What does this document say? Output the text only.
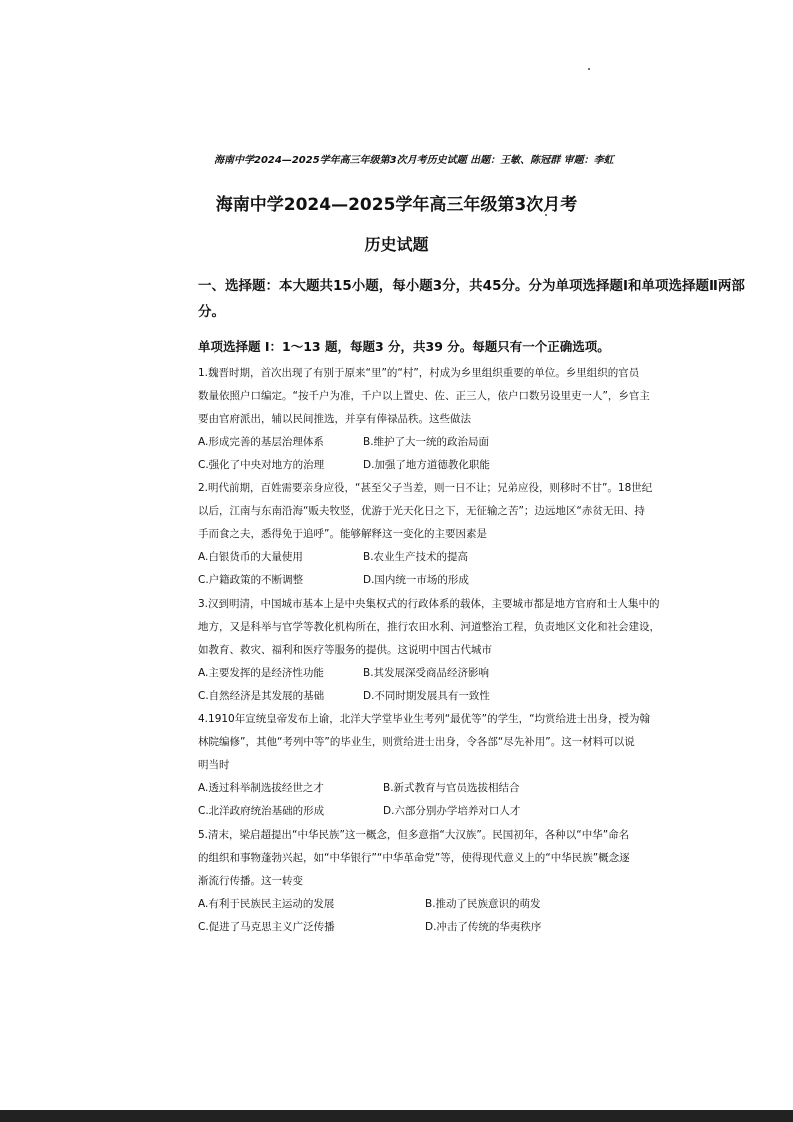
海南中学2024—2025学年高三年级第3次月考历史试题 出题：王敏、陈冠群 审题：李虹
海南中学2024—2025学年高三年级第3次月考
历史试题
一、选择题：本大题共15小题，每小题3分，共45分。分为单项选择题Ⅰ和单项选择题Ⅱ两部
分。
单项选择题 Ⅰ：1～13 题，每题3 分，共39 分。每题只有一个正确选项。
1.魏晋时期，首次出现了有别于原来“里”的“村”，村成为乡里组织重要的单位。乡里组织的官员
数量依照户口编定。“按千户为准，千户以上置史、佐、正三人，依户口数另设里吏一人”，乡官主
要由官府派出，辅以民间推选，并享有俸禄品秩。这些做法
A.形成完善的基层治理体系	B.维护了大一统的政治局面
C.强化了中央对地方的治理	D.加强了地方道德教化职能
2.明代前期，百姓需要亲身应役，“甚至父子当差，则一日不让；兄弟应役，则移时不甘”。18世纪
以后，江南与东南沿海“贩夫牧竖，优游于光天化日之下，无征输之苦”；边远地区“赤贫无田、持
手而食之夫，悉得免于追呼”。能够解释这一变化的主要因素是
A.白银货币的大量使用	B.农业生产技术的提高
C.户籍政策的不断调整	D.国内统一市场的形成
3.汉到明清，中国城市基本上是中央集权式的行政体系的载体，主要城市都是地方官府和士人集中的
地方，又是科举与官学等教化机构所在，推行农田水利、河道整治工程，负责地区文化和社会建设，
如教育、救灾、福利和医疗等服务的提供。这说明中国古代城市
A.主要发挥的是经济性功能	B.其发展深受商品经济影响
C.自然经济是其发展的基础	D.不同时期发展具有一致性
4.1910年宣统皇帝发布上谕，北洋大学堂毕业生考列“最优等”的学生，“均赏给进士出身，授为翰
林院编修”，其他“考列中等”的毕业生，则赏给进士出身，令各部“尽先补用”。这一材料可以说
明当时
A.透过科举制选拔经世之才	B.新式教育与官员选拔相结合
C.北洋政府统治基础的形成	D.六部分别办学培养对口人才
5.清末，梁启超提出“中华民族”这一概念，但多意指“大汉族”。民国初年，各种以“中华”命名
的组织和事物蓬勃兴起，如“中华银行”“中华革命党”等，使得现代意义上的“中华民族”概念逐
渐流行传播。这一转变
A.有利于民族民主运动的发展	B.推动了民族意识的萌发
C.促进了马克思主义广泛传播	D.冲击了传统的华夷秩序
